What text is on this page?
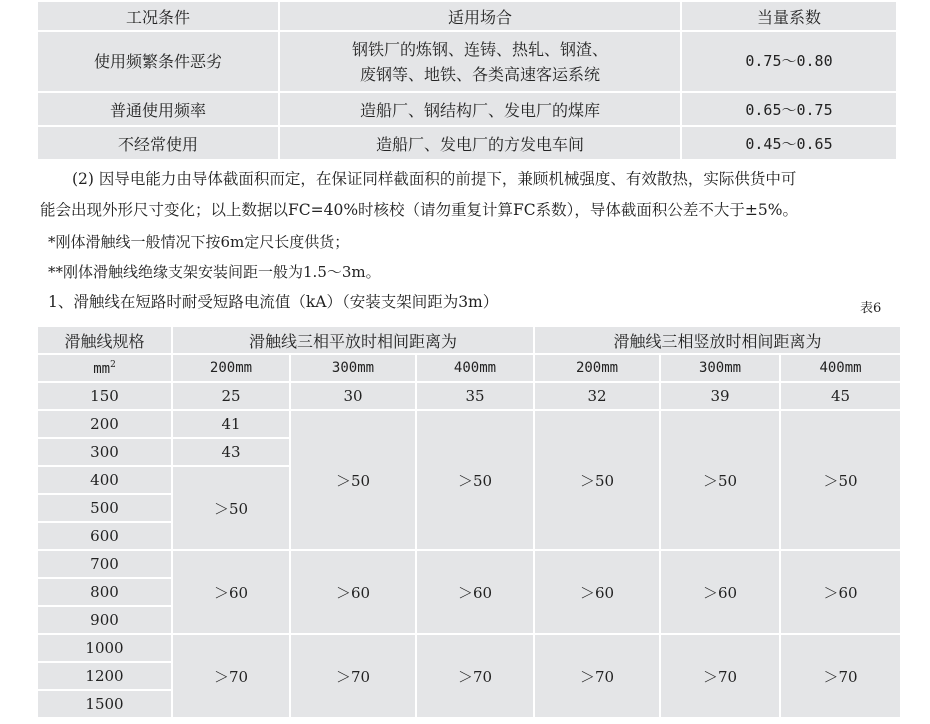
工况条件	适用场合	当量系数
使用频繁条件恶劣	钢铁厂的炼钢、连铸、热轧、钢渣、
废钢等、地铁、各类高速客运系统	0.75～0.80
普通使用频率	造船厂、钢结构厂、发电厂的煤库	0.65～0.75
不经常使用	造船厂、发电厂的方发电车间	0.45～0.65

(2) 因导电能力由导体截面积而定，在保证同样截面积的前提下，兼顾机械强度、有效散热，实际供货中可

能会出现外形尺寸变化；以上数据以FC=40%时核校（请勿重复计算FC系数），导体截面积公差不大于±5%。

*刚体滑触线一般情况下按6m定尺长度供货；

**刚体滑触线绝缘支架安装间距一般为1.5～3m。

1、滑触线在短路时耐受短路电流值（kA）（安装支架间距为3m）	表6

滑触线规格	滑触线三相平放时相间距离为			滑触线三相竖放时相间距离为		
$mm^2$	200mm	300mm	400mm	200mm	300mm	400mm
150	25	30	35	32	39	45
200	41	＞50	＞50	＞50	＞50	＞50
300	43					
400	＞50					
500						
600						
700	＞60	＞60	＞60	＞60	＞60	＞60
800						
900						
1000	＞70	＞70	＞70	＞70	＞70	＞70
1200						
1500						
